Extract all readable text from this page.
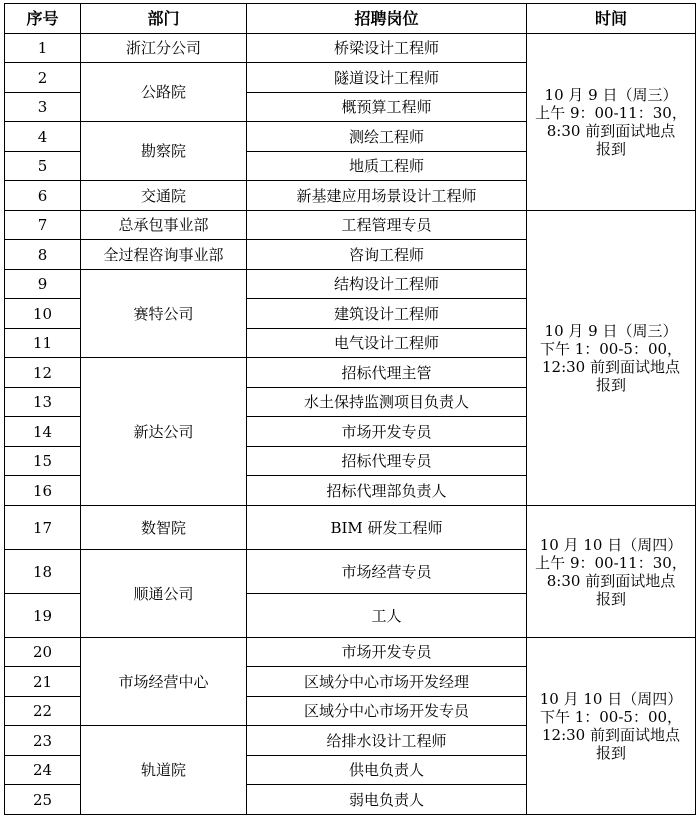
序号	部门	招聘岗位	时间
1	浙江分公司	桥梁设计工程师	10 月 9 日（周三）
上午 9：00-11：30，
8:30 前到面试地点
报到

2	公路院	隧道设计工程师	
3		概预算工程师	
4	勘察院	测绘工程师	
5		地质工程师	
6	交通院	新基建应用场景设计工程师	
7	总承包事业部	工程管理专员	10 月 9 日（周三）
下午 1：00-5：00，
12:30 前到面试地点
报到

8	全过程咨询事业部	咨询工程师	
9	赛特公司	结构设计工程师	
10		建筑设计工程师	
11		电气设计工程师	
12	新达公司	招标代理主管	
13		水土保持监测项目负责人	
14		市场开发专员	
15		招标代理专员	
16		招标代理部负责人	
17	数智院	BIM 研发工程师	10 月 10 日（周四）
上午 9：00-11：30，
8:30 前到面试地点
报到

18	顺通公司	市场经营专员	
19		工人	
20	市场经营中心	市场开发专员	10 月 10 日（周四）
下午 1：00-5：00，
12:30 前到面试地点
报到

21		区域分中心市场开发经理	
22		区域分中心市场开发专员	
23	轨道院	给排水设计工程师	
24		供电负责人	
25		弱电负责人	
